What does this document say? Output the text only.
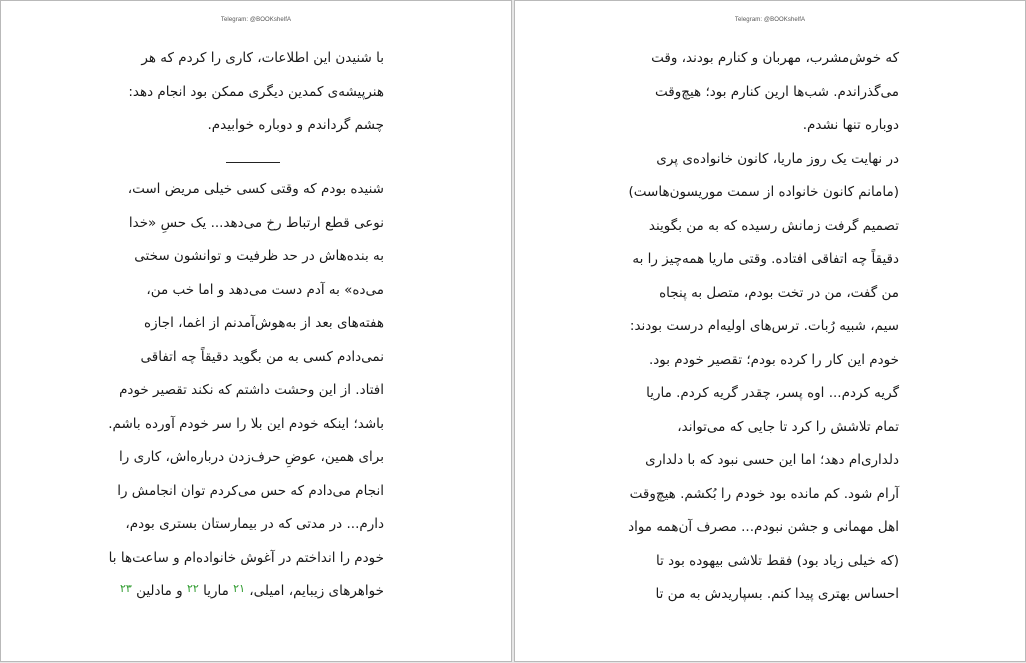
Telegram: @BOOKshelfA
با شنیدن این اطلاعات، کاری را کردم که هر
هنرپیشه‌ی کمدین دیگری ممکن بود انجام دهد:
چشم گرداندم و دوباره خوابیدم.
شنیده بودم که وقتی کسی خیلی مریض است،
نوعی قطع ارتباط رخ می‌دهد... یک حسِ «خدا
به بنده‌هاش در حد ظرفیت و توانشون سختی
می‌ده» به آدم دست می‌دهد و اما خب من،
هفته‌های بعد از به‌هوش‌آمدنم از اغما، اجازه
نمی‌دادم کسی به من بگوید دقیقاً چه اتفاقی
افتاد. از این وحشت داشتم که نکند تقصیر خودم
باشد؛ اینکه خودم این بلا را سر خودم آورده باشم.
برای همین، عوضِ حرف‌زدن درباره‌اش، کاری را
انجام می‌دادم که حس می‌کردم توان انجامش را
دارم... در مدتی که در بیمارستان بستری بودم،
خودم را انداختم در آغوش خانواده‌ام و ساعت‌ها با
خواهرهای زیبایم، امیلی، $^{۲۱}$ ماریا $^{۲۲}$ و مادلین $^{۲۳}$
Telegram: @BOOKshelfA
که خوش‌مشرب، مهربان و کنارم بودند، وقت
می‌گذراندم. شب‌ها ارین کنارم بود؛ هیچ‌وقت
دوباره تنها نشدم.
در نهایت یک روز ماریا، کانون خانواده‌ی پری
(مامانم کانون خانواده از سمت موریسون‌هاست)
تصمیم گرفت زمانش رسیده که به من بگویند
دقیقاً چه اتفاقی افتاده. وقتی ماریا همه‌چیز را به
من گفت، من در تخت بودم، متصل به پنجاه
سیم، شبیه رُبات. ترس‌های اولیه‌ام درست بودند:
خودم این کار را کرده بودم؛ تقصیر خودم بود.
گریه کردم... اوه پسر، چقدر گریه کردم. ماریا
تمام تلاشش را کرد تا جایی که می‌تواند،
دلداری‌ام دهد؛ اما این حسی نبود که با دلداری
آرام شود. کم مانده بود خودم را بُکشم. هیچ‌وقت
اهل مهمانی و جشن نبودم... مصرف آن‌همه مواد
(که خیلی زیاد بود) فقط تلاشی بیهوده بود تا
احساس بهتری پیدا کنم. بسپاریدش به من تا
